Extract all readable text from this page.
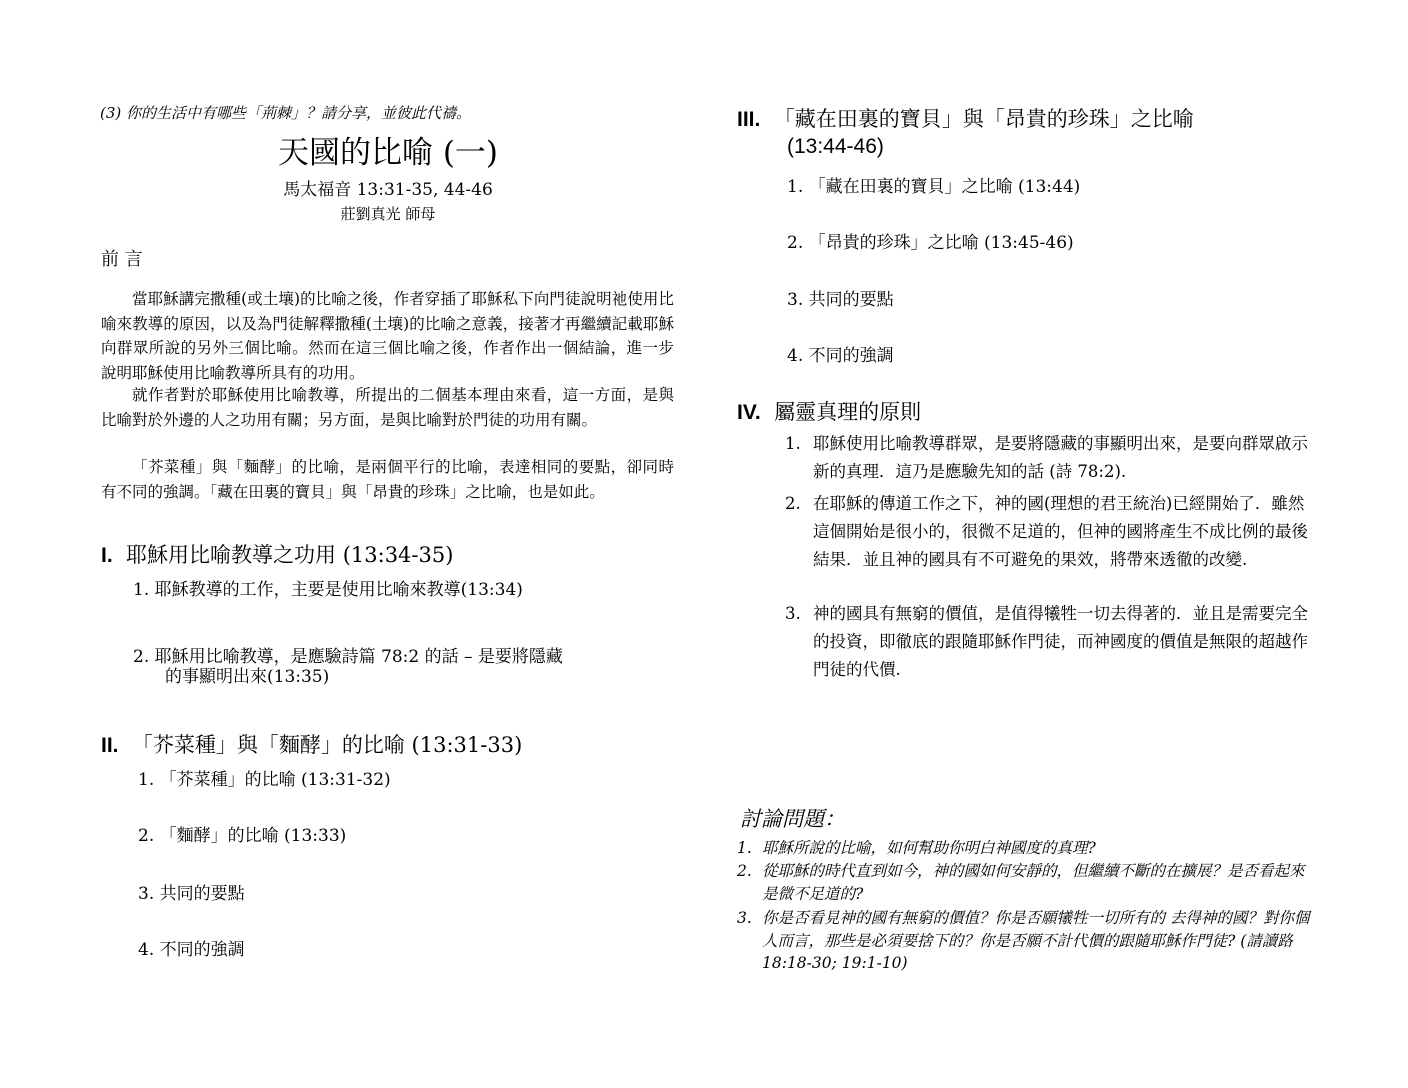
(3) 你的生活中有哪些「荊棘」？請分享，並彼此代禱。
天國的比喻 (一)
馬太福音 13:31-35, 44-46
莊劉真光 師母
前 言

當耶穌講完撒種(或土壤)的比喻之後，作者穿插了耶穌私下向門徒說明祂使用比喻來教導的原因，以及為門徒解釋撒種(土壤)的比喻之意義，接著才再繼續記載耶穌向群眾所說的另外三個比喻。然而在這三個比喻之後，作者作出一個結論，進一步說明耶穌使用比喻教導所具有的功用。

就作者對於耶穌使用比喻教導，所提出的二個基本理由來看，這一方面，是與比喻對於外邊的人之功用有關；另方面，是與比喻對於門徒的功用有關。

「芥菜種」與「麵酵」的比喻，是兩個平行的比喻，表達相同的要點，卻同時有不同的強調。「藏在田裏的寶貝」與「昂貴的珍珠」之比喻，也是如此。

I. 耶穌用比喻教導之功用 (13:34-35)
1. 耶穌教導的工作，主要是使用比喻來教導(13:34)
2. 耶穌用比喻教導，是應驗詩篇 78:2 的話 – 是要將隱藏
的事顯明出來(13:35)
II. 「芥菜種」與「麵酵」的比喻 (13:31-33)
1. 「芥菜種」的比喻 (13:31-32)
2. 「麵酵」的比喻 (13:33)
3. 共同的要點
4. 不同的強調
III. 「藏在田裏的寶貝」與「昂貴的珍珠」之比喻
(13:44-46)
1. 「藏在田裏的寶貝」之比喻 (13:44)
2. 「昂貴的珍珠」之比喻 (13:45-46)
3. 共同的要點
4. 不同的強調
IV. 屬靈真理的原則

1. 耶穌使用比喻教導群眾，是要將隱藏的事顯明出來，是要向群眾啟示新的真理．這乃是應驗先知的話 (詩 78:2).

2. 在耶穌的傳道工作之下，神的國(理想的君王統治)已經開始了．雖然這個開始是很小的，很微不足道的，但神的國將產生不成比例的最後結果．並且神的國具有不可避免的果效，將帶來透徹的改變.

3. 神的國具有無窮的價值，是值得犧牲一切去得著的．並且是需要完全的投資，即徹底的跟隨耶穌作門徒，而神國度的價值是無限的超越作門徒的代價.

討論問題：

1. 耶穌所說的比喻，如何幫助你明白神國度的真理?

2. 從耶穌的時代直到如今，神的國如何安靜的，但繼續不斷的在擴展？是否看起來是微不足道的?

3. 你是否看見神的國有無窮的價值？你是否願犧牲一切所有的 去得神的國？對你個人而言，那些是必須要捨下的？你是否願不計代價的跟隨耶穌作門徒? (請讀路 18:18-30; 19:1-10)
